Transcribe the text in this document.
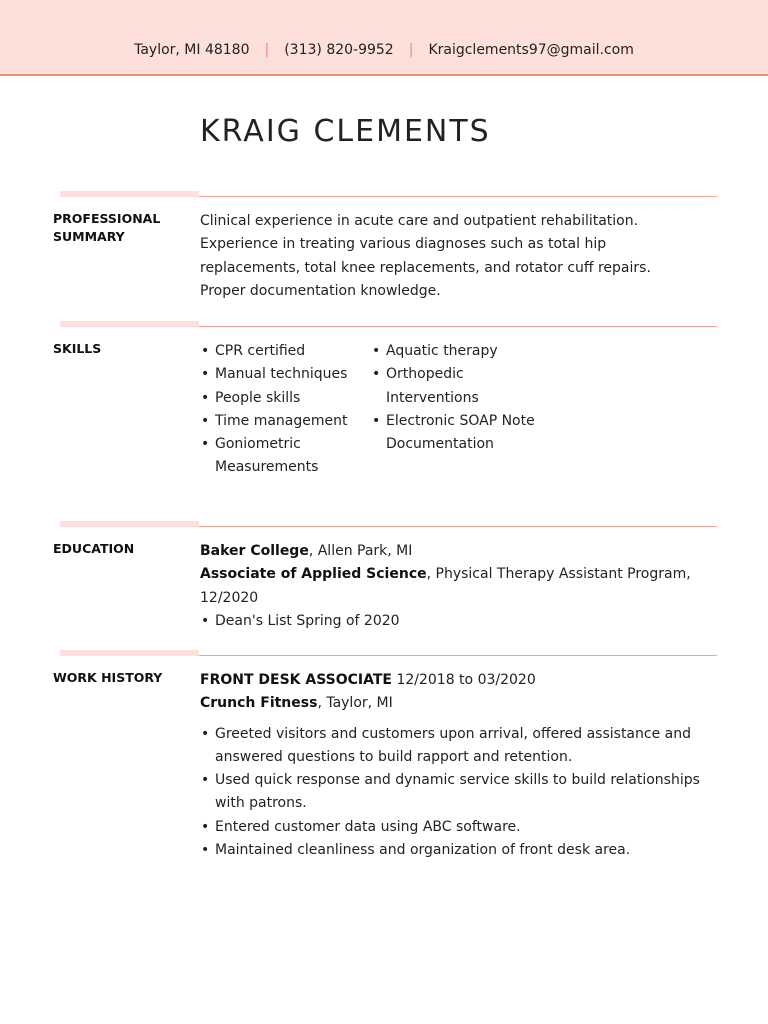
Taylor, MI 48180 | (313) 820-9952 | Kraigclements97@gmail.com
KRAIG CLEMENTS
PROFESSIONAL SUMMARY
Clinical experience in acute care and outpatient rehabilitation. Experience in treating various diagnoses such as total hip replacements, total knee replacements, and rotator cuff repairs. Proper documentation knowledge.
SKILLS
•	CPR certified
• Manual techniques
• People skills
• Time management
• Goniometric Measurements
• Aquatic therapy
• Orthopedic Interventions
• Electronic SOAP Note Documentation
EDUCATION	Baker College, Allen Park, MI
Associate of Applied Science, Physical Therapy Assistant Program, 12/2020
• Dean's List Spring of 2020
WORK HISTORY	FRONT DESK ASSOCIATE 12/2018 to 03/2020
Crunch Fitness, Taylor, MI
• Greeted visitors and customers upon arrival, offered assistance and answered questions to build rapport and retention.
• Used quick response and dynamic service skills to build relationships with patrons.
• Entered customer data using ABC software.
• Maintained cleanliness and organization of front desk area.
